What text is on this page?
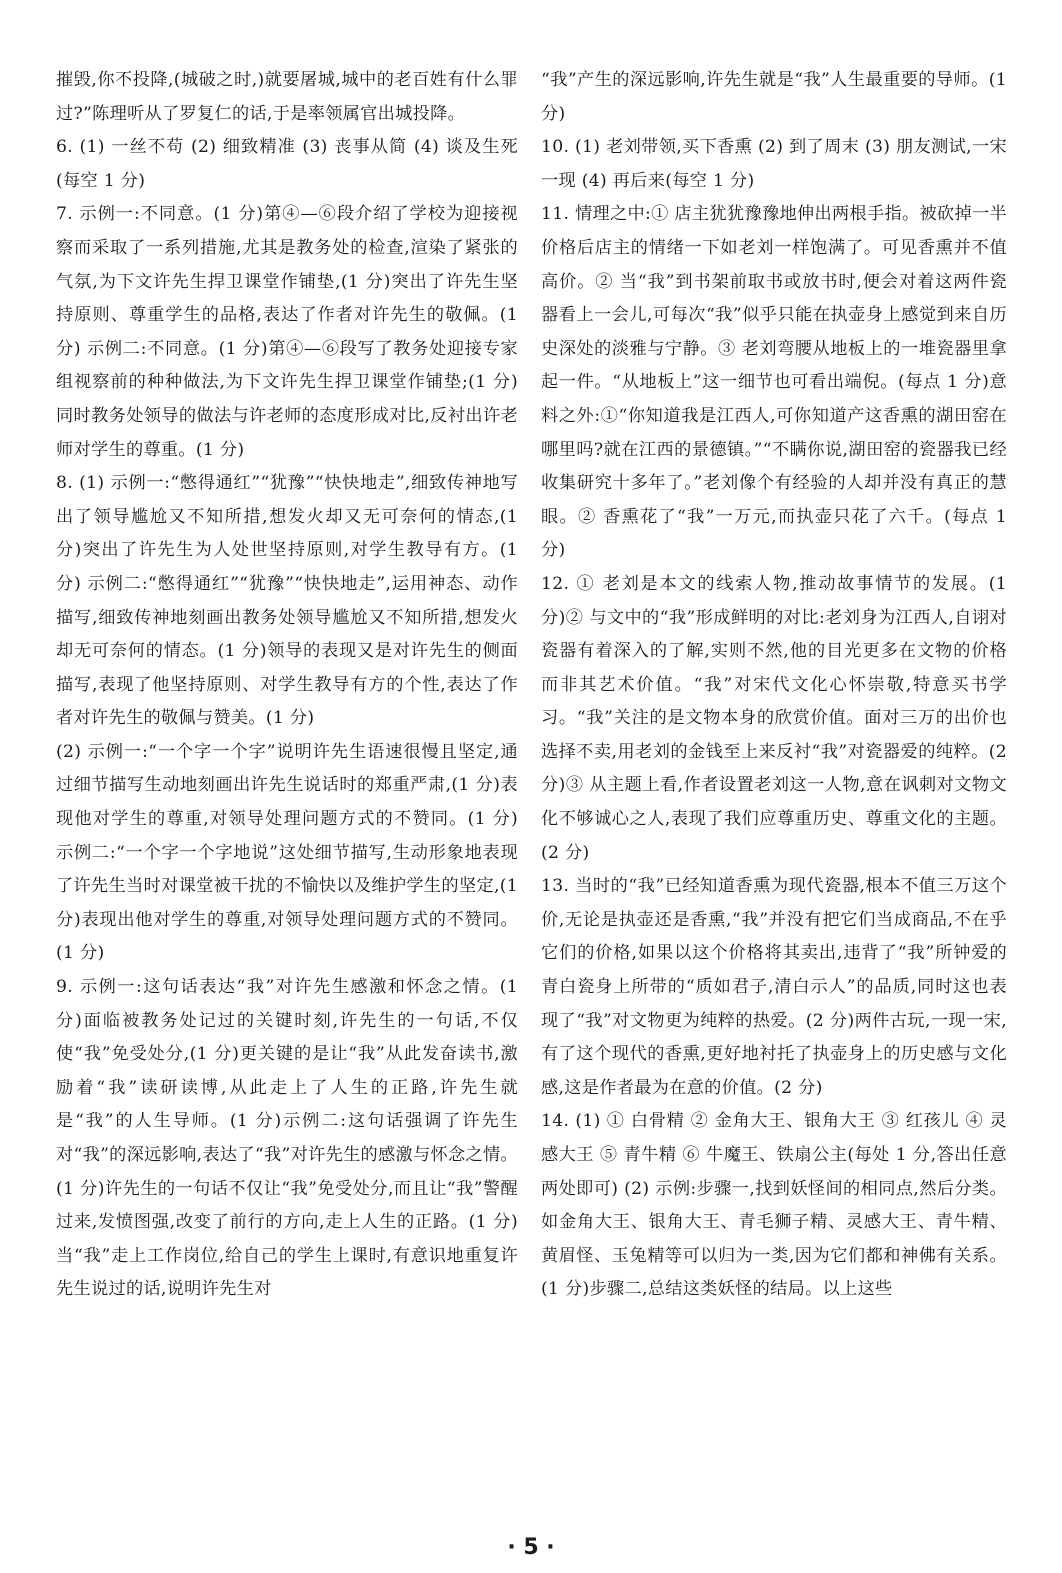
摧毁,你不投降,(城破之时,)就要屠城,城中的老百姓有什么罪过?”陈理听从了罗复仁的话,于是率领属官出城投降。

6. (1) 一丝不苟 (2) 细致精准 (3) 丧事从简 (4) 谈及生死(每空 1 分)

7. 示例一:不同意。(1 分)第④—⑥段介绍了学校为迎接视察而采取了一系列措施,尤其是教务处的检查,渲染了紧张的气氛,为下文许先生捍卫课堂作铺垫,(1 分)突出了许先生坚持原则、尊重学生的品格,表达了作者对许先生的敬佩。(1 分) 示例二:不同意。(1 分)第④—⑥段写了教务处迎接专家组视察前的种种做法,为下文许先生捍卫课堂作铺垫;(1 分)同时教务处领导的做法与许老师的态度形成对比,反衬出许老师对学生的尊重。(1 分)

8. (1) 示例一:“憋得通红”“犹豫”“快快地走”,细致传神地写出了领导尴尬又不知所措,想发火却又无可奈何的情态,(1 分)突出了许先生为人处世坚持原则,对学生教导有方。(1 分) 示例二:“憋得通红”“犹豫”“快快地走”,运用神态、动作描写,细致传神地刻画出教务处领导尴尬又不知所措,想发火却无可奈何的情态。(1 分)领导的表现又是对许先生的侧面描写,表现了他坚持原则、对学生教导有方的个性,表达了作者对许先生的敬佩与赞美。(1 分)

(2) 示例一:“一个字一个字”说明许先生语速很慢且坚定,通过细节描写生动地刻画出许先生说话时的郑重严肃,(1 分)表现他对学生的尊重,对领导处理问题方式的不赞同。(1 分) 示例二:“一个字一个字地说”这处细节描写,生动形象地表现了许先生当时对课堂被干扰的不愉快以及维护学生的坚定,(1 分)表现出他对学生的尊重,对领导处理问题方式的不赞同。(1 分)

9. 示例一:这句话表达“我”对许先生感激和怀念之情。(1 分)面临被教务处记过的关键时刻,许先生的一句话,不仅使“我”免受处分,(1 分)更关键的是让“我”从此发奋读书,激励着“我”读研读博,从此走上了人生的正路,许先生就是“我”的人生导师。(1 分)示例二:这句话强调了许先生对“我”的深远影响,表达了“我”对许先生的感激与怀念之情。(1 分)许先生的一句话不仅让“我”免受处分,而且让“我”警醒过来,发愤图强,改变了前行的方向,走上人生的正路。(1 分)当“我”走上工作岗位,给自己的学生上课时,有意识地重复许先生说过的话,说明许先生对

“我”产生的深远影响,许先生就是“我”人生最重要的导师。(1 分)

10. (1) 老刘带领,买下香熏 (2) 到了周末 (3) 朋友测试,一宋一现 (4) 再后来(每空 1 分)

11. 情理之中:① 店主犹犹豫豫地伸出两根手指。被砍掉一半价格后店主的情绪一下如老刘一样饱满了。可见香熏并不值高价。② 当“我”到书架前取书或放书时,便会对着这两件瓷器看上一会儿,可每次“我”似乎只能在执壶身上感觉到来自历史深处的淡雅与宁静。③ 老刘弯腰从地板上的一堆瓷器里拿起一件。“从地板上”这一细节也可看出端倪。(每点 1 分)意料之外:①“你知道我是江西人,可你知道产这香熏的湖田窑在哪里吗?就在江西的景德镇。”“不瞒你说,湖田窑的瓷器我已经收集研究十多年了。”老刘像个有经验的人却并没有真正的慧眼。② 香熏花了“我”一万元,而执壶只花了六千。(每点 1 分)

12. ① 老刘是本文的线索人物,推动故事情节的发展。(1 分)② 与文中的“我”形成鲜明的对比:老刘身为江西人,自诩对瓷器有着深入的了解,实则不然,他的目光更多在文物的价格而非其艺术价值。“我”对宋代文化心怀崇敬,特意买书学习。“我”关注的是文物本身的欣赏价值。面对三万的出价也选择不卖,用老刘的金钱至上来反衬“我”对瓷器爱的纯粹。(2 分)③ 从主题上看,作者设置老刘这一人物,意在讽刺对文物文化不够诚心之人,表现了我们应尊重历史、尊重文化的主题。(2 分)

13. 当时的“我”已经知道香熏为现代瓷器,根本不值三万这个价,无论是执壶还是香熏,“我”并没有把它们当成商品,不在乎它们的价格,如果以这个价格将其卖出,违背了“我”所钟爱的青白瓷身上所带的“质如君子,清白示人”的品质,同时这也表现了“我”对文物更为纯粹的热爱。(2 分)两件古玩,一现一宋,有了这个现代的香熏,更好地衬托了执壶身上的历史感与文化感,这是作者最为在意的价值。(2 分)

14. (1) ① 白骨精 ② 金角大王、银角大王 ③ 红孩儿 ④ 灵感大王 ⑤ 青牛精 ⑥ 牛魔王、铁扇公主(每处 1 分,答出任意两处即可) (2) 示例:步骤一,找到妖怪间的相同点,然后分类。如金角大王、银角大王、青毛狮子精、灵感大王、青牛精、黄眉怪、玉兔精等可以归为一类,因为它们都和神佛有关系。(1 分)步骤二,总结这类妖怪的结局。以上这些

· 5 ·
